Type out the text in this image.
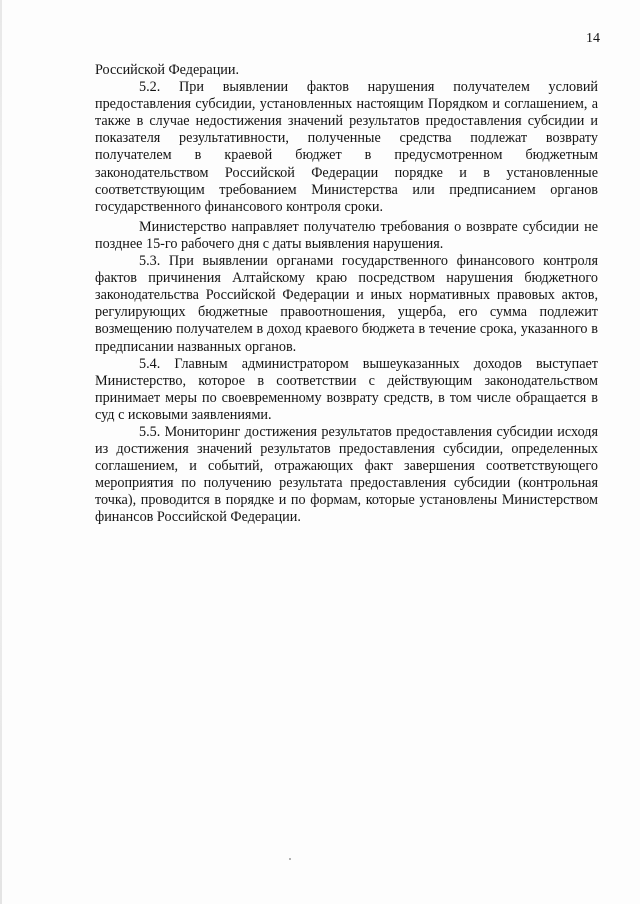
14

Российской Федерации.

5.2. При выявлении фактов нарушения получателем условий предоставления субсидии, установленных настоящим Порядком и соглашением, а также в случае недостижения значений результатов предоставления субсидии и показателя результативности, полученные средства подлежат возврату получателем в краевой бюджет в предусмотренном бюджетным законодательством Российской Федерации порядке и в установленные соответствующим требованием Министерства или предписанием органов государственного финансового контроля сроки.

Министерство направляет получателю требования о возврате субсидии не позднее 15-го рабочего дня с даты выявления нарушения.

5.3. При выявлении органами государственного финансового контроля фактов причинения Алтайскому краю посредством нарушения бюджетного законодательства Российской Федерации и иных нормативных правовых актов, регулирующих бюджетные правоотношения, ущерба, его сумма подлежит возмещению получателем в доход краевого бюджета в течение срока, указанного в предписании названных органов.

5.4. Главным администратором вышеуказанных доходов выступает Министерство, которое в соответствии с действующим законодательством принимает меры по своевременному возврату средств, в том числе обращается в суд с исковыми заявлениями.

5.5. Мониторинг достижения результатов предоставления субсидии исходя из достижения значений результатов предоставления субсидии, определенных соглашением, и событий, отражающих факт завершения соответствующего мероприятия по получению результата предоставления субсидии (контрольная точка), проводится в порядке и по формам, которые установлены Министерством финансов Российской Федерации.
